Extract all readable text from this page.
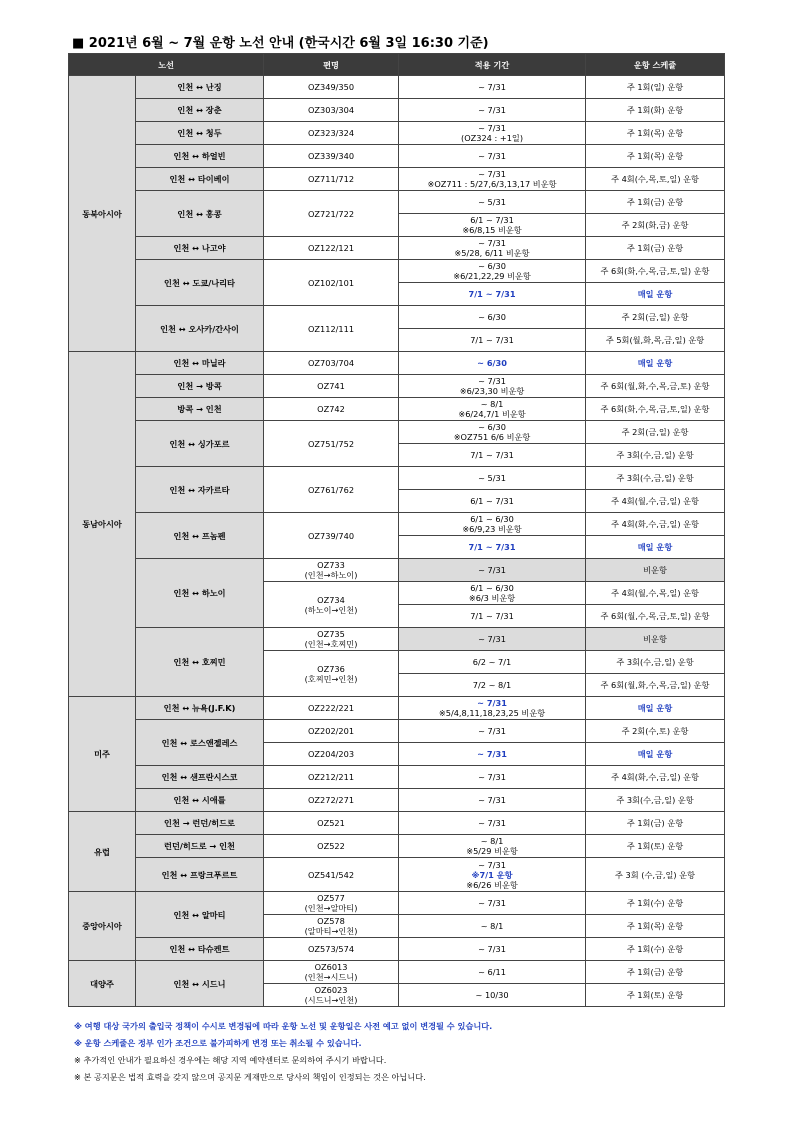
■ 2021년 6월 ~ 7월 운항 노선 안내 (한국시간 6월 3일 16:30 기준)
노선		편명	적용 기간	운항 스케쥴
동북아시아	인천 ↔ 난징	OZ349/350	~ 7/31	주 1회(일) 운항
	인천 ↔ 장춘	OZ303/304	~ 7/31	주 1회(화) 운항
	인천 ↔ 청두	OZ323/324	~ 7/31
(OZ324 : +1일)	주 1회(목) 운항
	인천 ↔ 하얼빈	OZ339/340	~ 7/31	주 1회(목) 운항
	인천 ↔ 타이베이	OZ711/712	~ 7/31
※OZ711 : 5/27,6/3,13,17 비운항	주 4회(수,목,토,일) 운항
	인천 ↔ 홍콩	OZ721/722	~ 5/31	주 1회(금) 운항

			6/1 ~ 7/31
※6/8,15 비운항	주 2회(화,금) 운항
	인천 ↔ 나고야	OZ122/121	~ 7/31
※5/28, 6/11 비운항	주 1회(금) 운항
	인천 ↔ 도쿄/나리타	OZ102/101	~ 6/30
※6/21,22,29 비운항	주 6회(화,수,목,금,토,일) 운항
			7/1 ~ 7/31	매일 운항
	인천 ↔ 오사카/간사이	OZ112/111	~ 6/30	주 2회(금,일) 운항
			7/1 ~ 7/31	주 5회(월,화,목,금,일) 운항
동남아시아	인천 ↔ 마닐라	OZ703/704	~ 6/30	매일 운항
	인천 → 방콕	OZ741	~ 7/31
※6/23,30 비운항	주 6회(월,화,수,목,금,토) 운항
	방콕 → 인천	OZ742	~ 8/1
※6/24,7/1 비운항	주 6회(화,수,목,금,토,일) 운항
	인천 ↔ 싱가포르	OZ751/752	~ 6/30
※OZ751 6/6 비운항	주 2회(금,일) 운항
			7/1 ~ 7/31	주 3회(수,금,일) 운항
	인천 ↔ 자카르타	OZ761/762	~ 5/31	주 3회(수,금,일) 운항
			6/1 ~ 7/31	주 4회(월,수,금,일) 운항
	인천 ↔ 프놈펜	OZ739/740	6/1 ~ 6/30
※6/9,23 비운항	주 4회(화,수,금,일) 운항
			7/1 ~ 7/31	매일 운항
	인천 ↔ 하노이	OZ733
(인천→하노이)	~ 7/31	비운항

		OZ734
(하노이→인천)	6/1 ~ 6/30
※6/3 비운항	주 4회(월,수,목,일) 운항
			7/1 ~ 7/31	주 6회(월,수,목,금,토,일) 운항
	인천 ↔ 호찌민	OZ735
(인천→호찌민)	~ 7/31	비운항

		OZ736
(호찌민→인천)	6/2 ~ 7/1	주 3회(수,금,일) 운항
			7/2 ~ 8/1	주 6회(월,화,수,목,금,일) 운항
미주	인천 ↔ 뉴욕(J.F.K)	OZ222/221	~ 7/31
※5/4,8,11,18,23,25 비운항	매일 운항
	인천 ↔ 로스앤젤레스	OZ202/201	~ 7/31	주 2회(수,토) 운항
		OZ204/203	~ 7/31	매일 운항
	인천 ↔ 샌프란시스코	OZ212/211	~ 7/31	주 4회(화,수,금,일) 운항
	인천 ↔ 시애틀	OZ272/271	~ 7/31	주 3회(수,금,일) 운항
유럽	인천 → 런던/히드로	OZ521	~ 7/31	주 1회(금) 운항
	런던/히드로 → 인천	OZ522	~ 8/1
※5/29 비운항	주 1회(토) 운항
	인천 ↔ 프랑크푸르트	OZ541/542	~ 7/31
※7/1 운항
※6/26 비운항	주 3회 (수,금,일) 운항
중앙아시아	인천 ↔ 알마티	OZ577
(인천→알마티)	~ 7/31	주 1회(수) 운항

		OZ578
(알마티→인천)	~ 8/1	주 1회(목) 운항
	인천 ↔ 타슈켄트	OZ573/574	~ 7/31	주 1회(수) 운항
대양주	인천 ↔ 시드니	OZ6013
(인천→시드니)	~ 6/11	주 1회(금) 운항

		OZ6023
(시드니→인천)	~ 10/30	주 1회(토) 운항
※ 여행 대상 국가의 출입국 정책이 수시로 변경됨에 따라 운항 노선 및 운항일은 사전 예고 없이 변경될 수 있습니다.
※ 운항 스케줄은 정부 인가 조건으로 불가피하게 변경 또는 취소될 수 있습니다.
※ 추가적인 안내가 필요하신 경우에는 해당 지역 예약센터로 문의하여 주시기 바랍니다.
※ 본 공지문은 법적 효력을 갖지 않으며 공지문 게재만으로 당사의 책임이 인정되는 것은 아닙니다.
